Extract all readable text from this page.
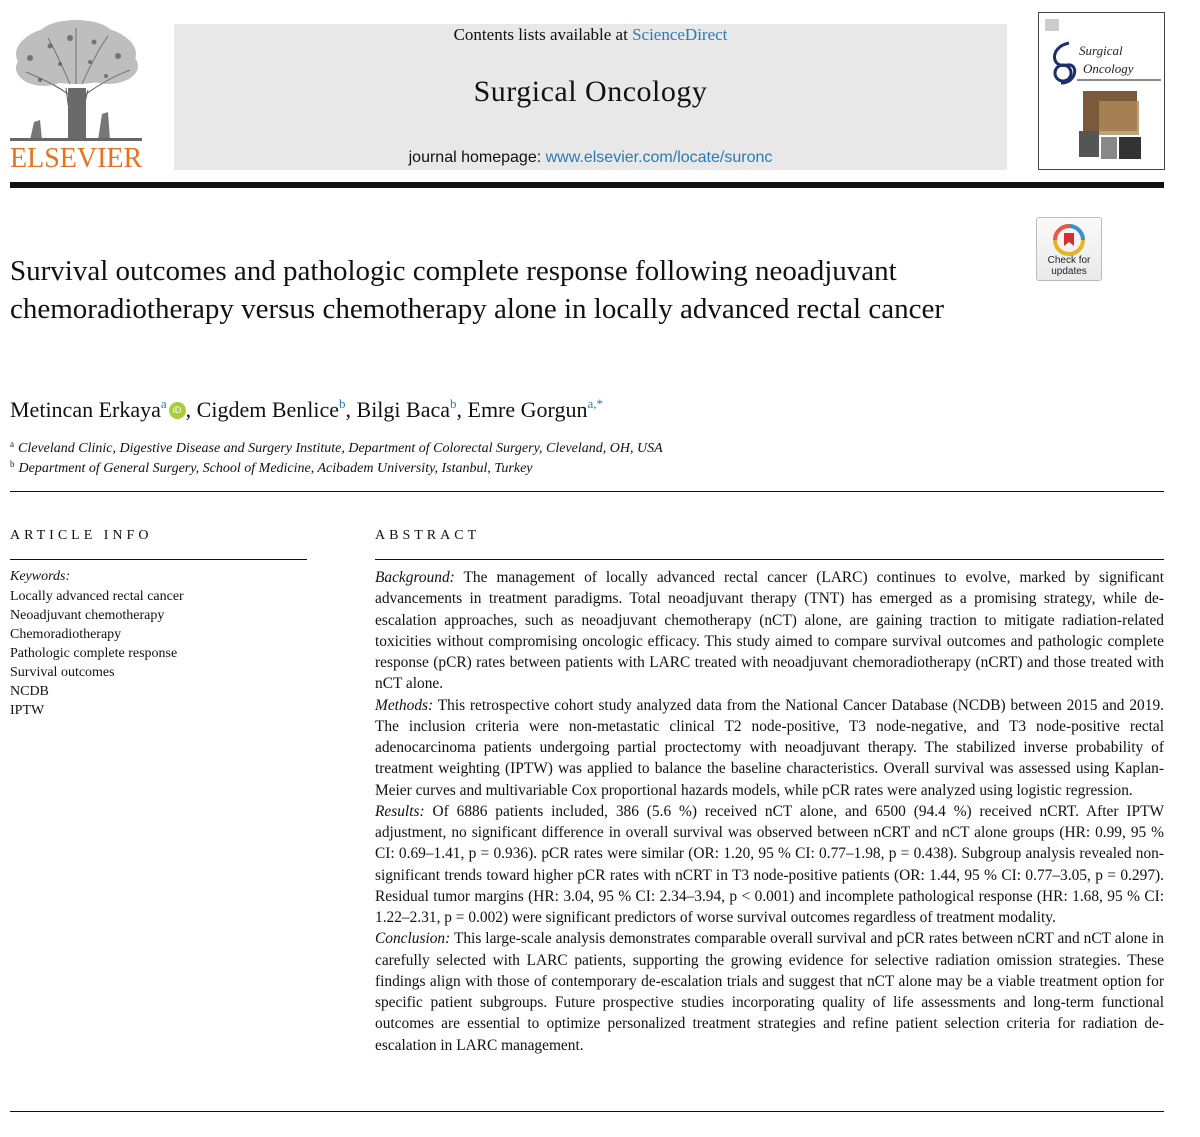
ELSEVIER
Contents lists available at ScienceDirect
Surgical Oncology
journal homepage: www.elsevier.com/locate/suronc
Surgical
Oncology
Check for
updates
Survival outcomes and pathologic complete response following neoadjuvant chemoradiotherapy versus chemotherapy alone in locally advanced rectal cancer
Metincan Erkaya$^a$ iD , Cigdem Benlice$^b$, Bilgi Baca$^b$, Emre Gorgun$^{a,*}$
$^a$ Cleveland Clinic, Digestive Disease and Surgery Institute, Department of Colorectal Surgery, Cleveland, OH, USA
$^b$ Department of General Surgery, School of Medicine, Acibadem University, Istanbul, Turkey
ARTICLE INFO
Keywords:
Locally advanced rectal cancer
Neoadjuvant chemotherapy
Chemoradiotherapy
Pathologic complete response
Survival outcomes
NCDB
IPTW
ABSTRACT

Background: The management of locally advanced rectal cancer (LARC) continues to evolve, marked by significant advancements in treatment paradigms. Total neoadjuvant therapy (TNT) has emerged as a promising strategy, while de-escalation approaches, such as neoadjuvant chemotherapy (nCT) alone, are gaining traction to mitigate radiation-related toxicities without compromising oncologic efficacy. This study aimed to compare survival outcomes and pathologic complete response (pCR) rates between patients with LARC treated with neoadjuvant chemoradiotherapy (nCRT) and those treated with nCT alone.

Methods: This retrospective cohort study analyzed data from the National Cancer Database (NCDB) between 2015 and 2019. The inclusion criteria were non-metastatic clinical T2 node-positive, T3 node-negative, and T3 node-positive rectal adenocarcinoma patients undergoing partial proctectomy with neoadjuvant therapy. The stabilized inverse probability of treatment weighting (IPTW) was applied to balance the baseline characteristics. Overall survival was assessed using Kaplan-Meier curves and multivariable Cox proportional hazards models, while pCR rates were analyzed using logistic regression.

Results: Of 6886 patients included, 386 (5.6 %) received nCT alone, and 6500 (94.4 %) received nCRT. After IPTW adjustment, no significant difference in overall survival was observed between nCRT and nCT alone groups (HR: 0.99, 95 % CI: 0.69–1.41, p = 0.936). pCR rates were similar (OR: 1.20, 95 % CI: 0.77–1.98, p = 0.438). Subgroup analysis revealed non-significant trends toward higher pCR rates with nCRT in T3 node-positive patients (OR: 1.44, 95 % CI: 0.77–3.05, p = 0.297). Residual tumor margins (HR: 3.04, 95 % CI: 2.34–3.94, p < 0.001) and incomplete pathological response (HR: 1.68, 95 % CI: 1.22–2.31, p = 0.002) were significant predictors of worse survival outcomes regardless of treatment modality.

Conclusion: This large-scale analysis demonstrates comparable overall survival and pCR rates between nCRT and nCT alone in carefully selected with LARC patients, supporting the growing evidence for selective radiation omission strategies. These findings align with those of contemporary de-escalation trials and suggest that nCT alone may be a viable treatment option for specific patient subgroups. Future prospective studies incorporating quality of life assessments and long-term functional outcomes are essential to optimize personalized treatment strategies and refine patient selection criteria for radiation de-escalation in LARC management.
